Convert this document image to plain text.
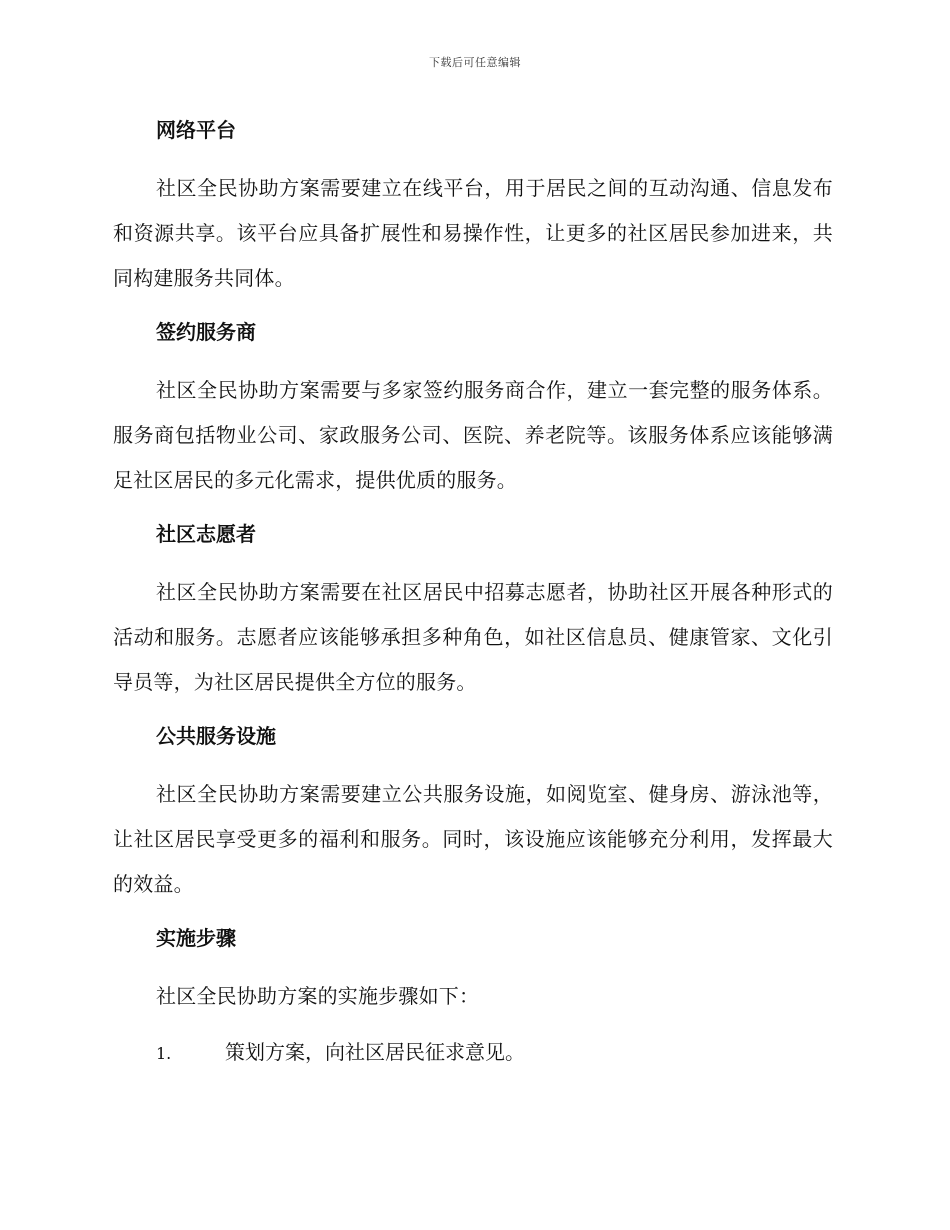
下载后可任意编辑
网络平台

社区全民协助方案需要建立在线平台，用于居民之间的互动沟通、信息发布和资源共享。该平台应具备扩展性和易操作性，让更多的社区居民参加进来，共同构建服务共同体。

签约服务商

社区全民协助方案需要与多家签约服务商合作，建立一套完整的服务体系。服务商包括物业公司、家政服务公司、医院、养老院等。该服务体系应该能够满足社区居民的多元化需求，提供优质的服务。

社区志愿者

社区全民协助方案需要在社区居民中招募志愿者，协助社区开展各种形式的活动和服务。志愿者应该能够承担多种角色，如社区信息员、健康管家、文化引导员等，为社区居民提供全方位的服务。

公共服务设施

社区全民协助方案需要建立公共服务设施，如阅览室、健身房、游泳池等，让社区居民享受更多的福利和服务。同时，该设施应该能够充分利用，发挥最大的效益。

实施步骤

社区全民协助方案的实施步骤如下：

1.	策划方案，向社区居民征求意见。
